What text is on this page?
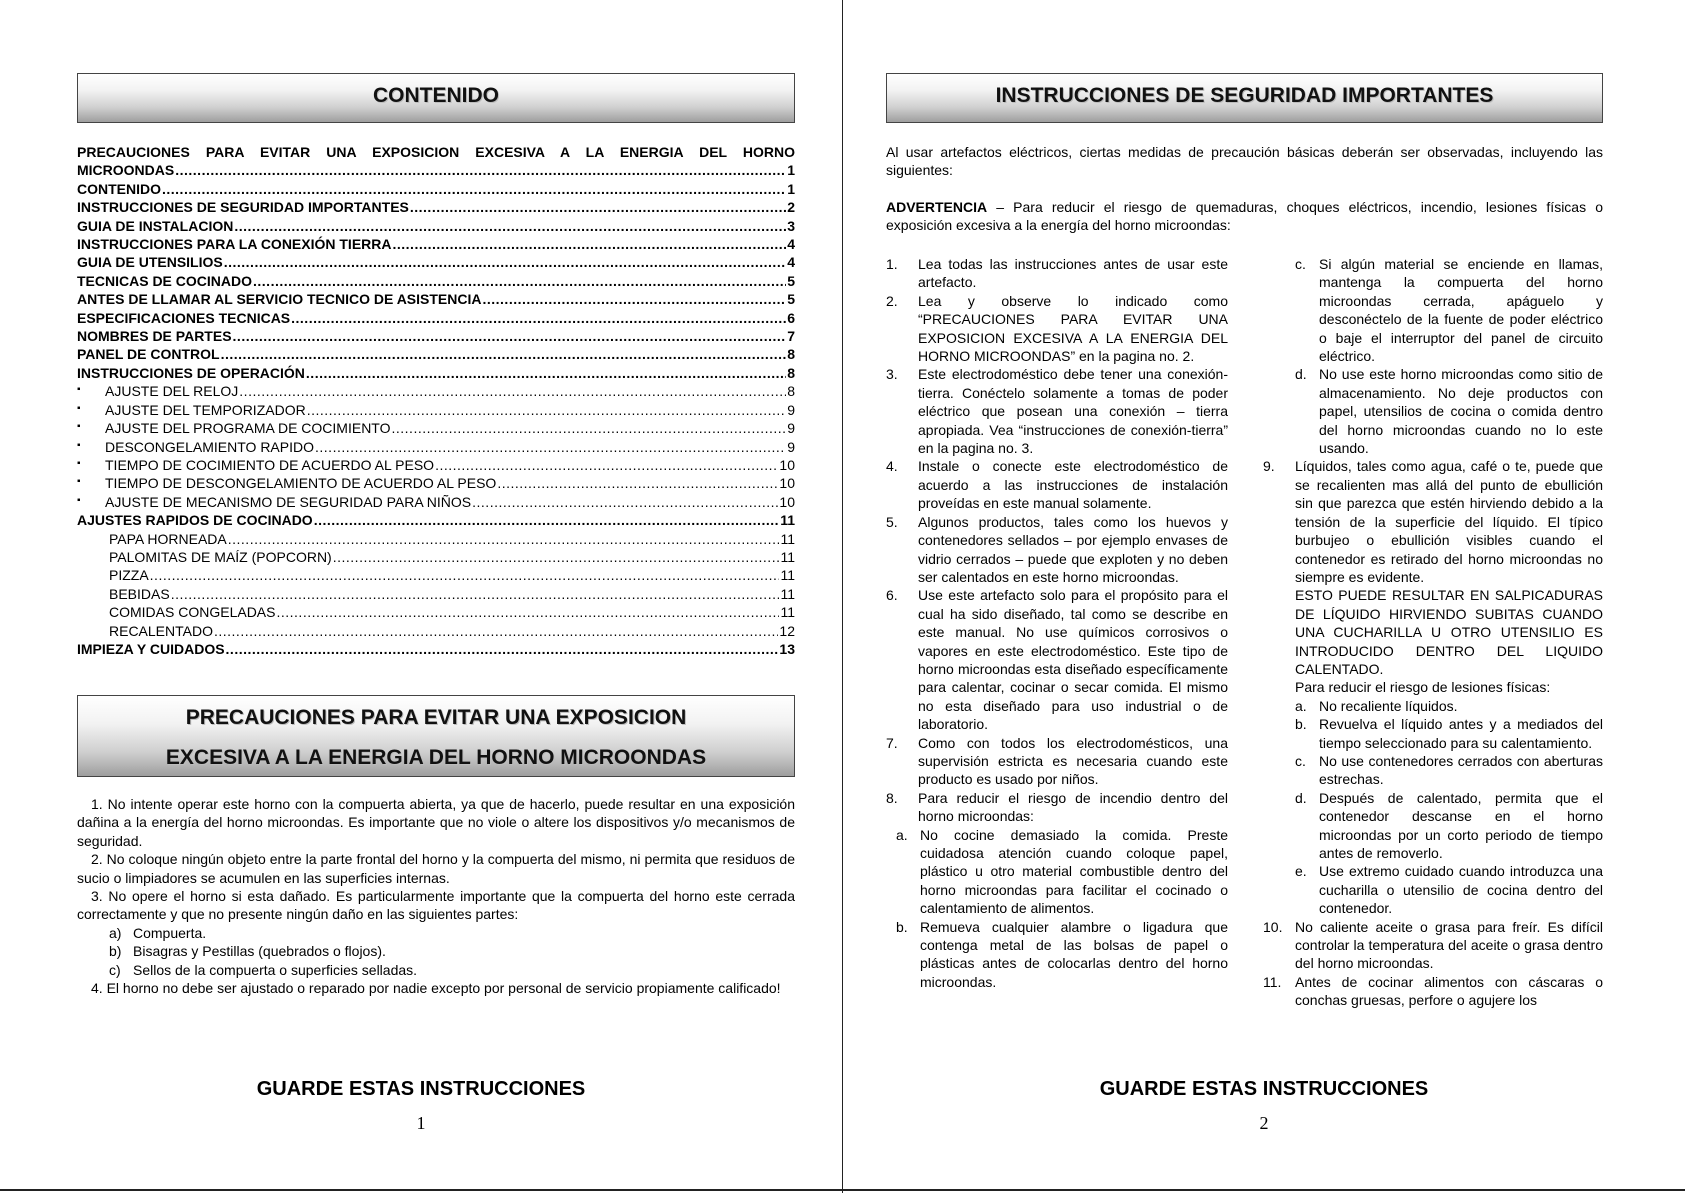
CONTENIDO
PRECAUCIONES PARA EVITAR UNA EXPOSICION EXCESIVA A LA ENERGIA DEL HORNO
MICROONDAS .....	1
CONTENIDO .....	1
INSTRUCCIONES DE SEGURIDAD IMPORTANTES .....	2
GUIA DE INSTALACION .....	3
INSTRUCCIONES PARA LA CONEXIÓN TIERRA .....	4
GUIA DE UTENSILIOS .....	4
TECNICAS DE COCINADO .....	5
ANTES DE LLAMAR AL SERVICIO TECNICO DE ASISTENCIA .....	5
ESPECIFICACIONES TECNICAS .....	6
NOMBRES DE PARTES .....	7
PANEL DE CONTROL .....	8
INSTRUCCIONES DE OPERACIÓN .....	8
▪ AJUSTE DEL RELOJ .....	8
▪ AJUSTE DEL TEMPORIZADOR .....	9
▪ AJUSTE DEL PROGRAMA DE COCIMIENTO .....	9
▪ DESCONGELAMIENTO RAPIDO .....	9
▪ TIEMPO DE COCIMIENTO DE ACUERDO AL PESO .....	10
▪ TIEMPO DE DESCONGELAMIENTO DE ACUERDO AL PESO .....	10
▪ AJUSTE DE MECANISMO DE SEGURIDAD PARA NIÑOS .....	10
AJUSTES RAPIDOS DE COCINADO .....	11
PAPA HORNEADA .....	11
PALOMITAS DE MAÍZ (POPCORN) .....	11
PIZZA .....	11
BEBIDAS .....	11
COMIDAS CONGELADAS .....	11
RECALENTADO .....	12
IMPIEZA Y CUIDADOS .....	13
PRECAUCIONES PARA EVITAR UNA EXPOSICION
EXCESIVA A LA ENERGIA DEL HORNO MICROONDAS

1. No intente operar este horno con la compuerta abierta, ya que de hacerlo, puede resultar en una exposición dañina a la energía del horno microondas. Es importante que no viole o altere los dispositivos y/o mecanismos de seguridad.

2. No coloque ningún objeto entre la parte frontal del horno y la compuerta del mismo, ni permita que residuos de sucio o limpiadores se acumulen en las superficies internas.

3. No opere el horno si esta dañado. Es particularmente importante que la compuerta del horno este cerrada correctamente y que no presente ningún daño en las siguientes partes:

a) Compuerta.
b) Bisagras y Pestillas (quebrados o flojos).
c) Sellos de la compuerta o superficies selladas.

4. El horno no debe ser ajustado o reparado por nadie excepto por personal de servicio propiamente calificado!

GUARDE ESTAS INSTRUCCIONES
1
INSTRUCCIONES DE SEGURIDAD IMPORTANTES

Al usar artefactos eléctricos, ciertas medidas de precaución básicas deberán ser observadas, incluyendo las siguientes:

ADVERTENCIA – Para reducir el riesgo de quemaduras, choques eléctricos, incendio, lesiones físicas o exposición excesiva a la energía del horno microondas:

1.	Lea todas las instrucciones antes de usar este artefacto.
2.	Lea y observe lo indicado como “PRECAUCIONES PARA EVITAR UNA EXPOSICION EXCESIVA A LA ENERGIA DEL HORNO MICROONDAS” en la pagina no. 2.
3.	Este electrodoméstico debe tener una conexión-tierra. Conéctelo solamente a tomas de poder eléctrico que posean una conexión – tierra apropiada. Vea “instrucciones de conexión-tierra” en la pagina no. 3.
4.	Instale o conecte este electrodoméstico de acuerdo a las instrucciones de instalación proveídas en este manual solamente.
5.	Algunos productos, tales como los huevos y contenedores sellados – por ejemplo envases de vidrio cerrados – puede que exploten y no deben ser calentados en este horno microondas.
6.	Use este artefacto solo para el propósito para el cual ha sido diseñado, tal como se describe en este manual. No use químicos corrosivos o vapores en este electrodoméstico. Este tipo de horno microondas esta diseñado específicamente para calentar, cocinar o secar comida. El mismo no esta diseñado para uso industrial o de laboratorio.
7.	Como con todos los electrodomésticos, una supervisión estricta es necesaria cuando este producto es usado por niños.
8.	Para reducir el riesgo de incendio dentro del horno microondas:
a. No cocine demasiado la comida. Preste cuidadosa atención cuando coloque papel, plástico u otro material combustible dentro del horno microondas para facilitar el cocinado o calentamiento de alimentos.
b. Remueva cualquier alambre o ligadura que contenga metal de las bolsas de papel o plásticas antes de colocarlas dentro del horno microondas.
c. Si algún material se enciende en llamas, mantenga la compuerta del horno microondas cerrada, apáguelo y desconéctelo de la fuente de poder eléctrico o baje el interruptor del panel de circuito eléctrico.
d. No use este horno microondas como sitio de almacenamiento. No deje productos con papel, utensilios de cocina o comida dentro del horno microondas cuando no lo este usando.
9.	Líquidos, tales como agua, café o te, puede que se recalienten mas allá del punto de ebullición sin que parezca que estén hirviendo debido a la tensión de la superficie del líquido. El típico burbujeo o ebullición visibles cuando el contenedor es retirado del horno microondas no siempre es evidente.
ESTO PUEDE RESULTAR EN SALPICADURAS DE LÍQUIDO HIRVIENDO SUBITAS CUANDO UNA CUCHARILLA U OTRO UTENSILIO ES INTRODUCIDO DENTRO DEL LIQUIDO CALENTADO.
Para reducir el riesgo de lesiones físicas:
a. No recaliente líquidos.
b. Revuelva el líquido antes y a mediados del tiempo seleccionado para su calentamiento.
c. No use contenedores cerrados con aberturas estrechas.
d. Después de calentado, permita que el contenedor descanse en el horno microondas por un corto periodo de tiempo antes de removerlo.
e. Use extremo cuidado cuando introduzca una cucharilla o utensilio de cocina dentro del contenedor.
10. No caliente aceite o grasa para freír. Es difícil controlar la temperatura del aceite o grasa dentro del horno microondas.
11. Antes de cocinar alimentos con cáscaras o conchas gruesas, perfore o agujere los
GUARDE ESTAS INSTRUCCIONES
2
